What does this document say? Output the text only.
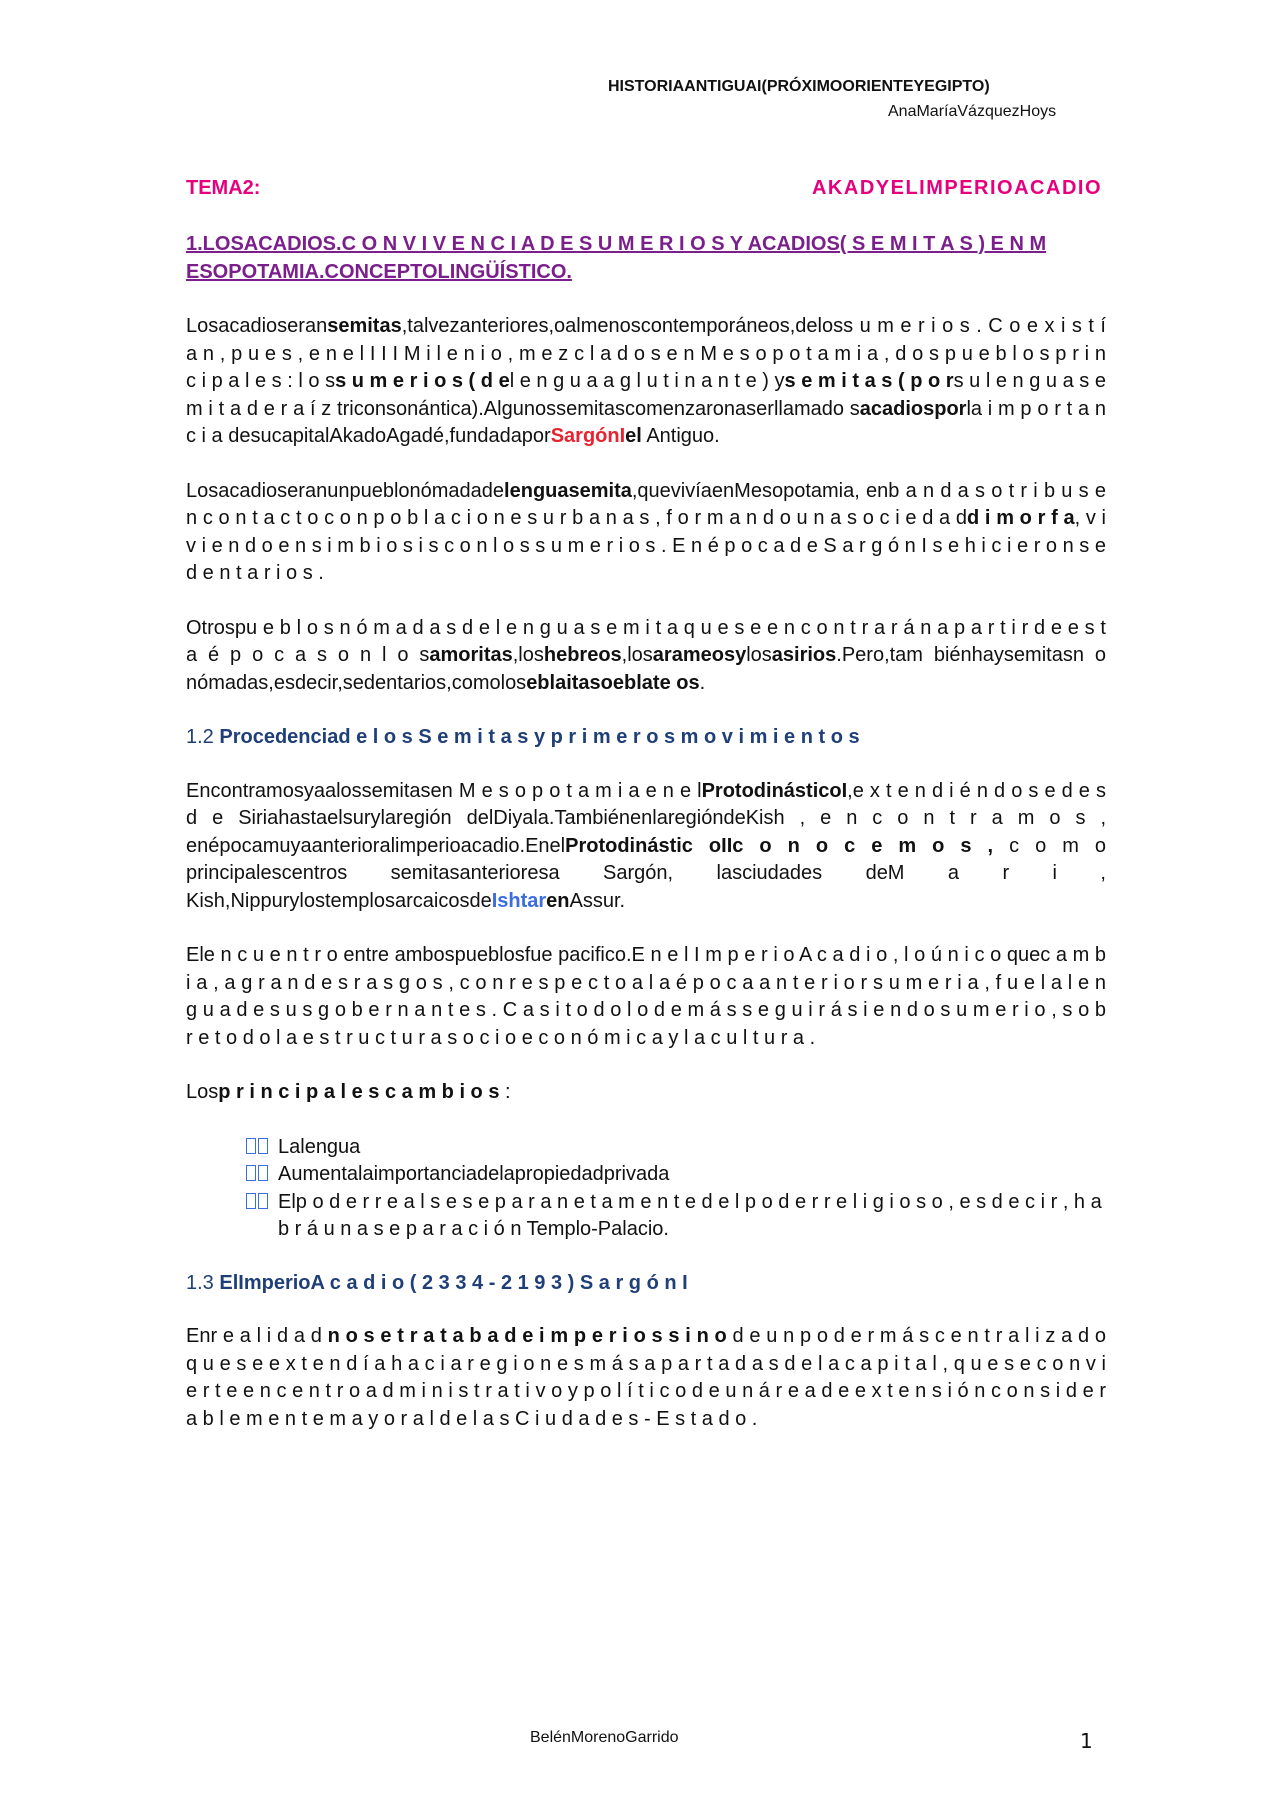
HISTORIAANTIGUAI(PRÓXIMOORIENTEYEGIPTO)
AnaMaríaVázquezHoys
TEMA2:	AKADYELIMPERIOACADIO

1.LOSACADIOS.C O N V I V E N C I A D E S U M E R I O S Y ACADIOS( S E M I T A S ) E N M ESOPOTAMIA.CONCEPTOLINGÜÍSTICO.

Losacadioseransemitas,talvezanteriores,oalmenoscontemporáneos,deloss u m e r i o s . C o e x i s t í a n , p u e s , e n e l I I I M i l e n i o , m e z c l a d o s e n M e s o p o t a m i a , d o s p u e b l o s p r i n c i p a l e s : l o ss u m e r i o s ( d el e n g u a a g l u t i n a n t e ) ys e m i t a s ( p o rs u l e n g u a s e m i t a d e r a í z triconsonántica).Algunossemitascomenzaronaserllamado sacadiosporla i m p o r t a n c i a desucapitalAkadoAgadé,fundadaporSargónIel Antiguo.

Losacadioseranunpueblonómadadelenguasemita,quevivíaenMesopotamia, enb a n d a s o t r i b u s e n c o n t a c t o c o n p o b l a c i o n e s u r b a n a s , f o r m a n d o u n a s o c i e d a dd i m o r f a, v i v i e n d o e n s i m b i o s i s c o n l o s s u m e r i o s . E n é p o c a d e S a r g ó n I s e h i c i e r o n s e d e n t a r i o s .

Otrospu e b l o s n ó m a d a s d e l e n g u a s e m i t a q u e s e e n c o n t r a r á n a p a r t i r d e e s t a é p o c a s o n l o samoritas,loshebreos,losarameosylosasirios.Pero,tam biénhaysemitasn o nómadas,esdecir,sedentarios,comoloseblaitasoeblate os.

1.2 Procedenciad e l o s S e m i t a s y p r i m e r o s m o v i m i e n t o s

Encontramosyaalossemitasen M e s o p o t a m i a e n e lProtodinásticoI,e x t e n d i é n d o s e d e s d e Siriahastaelsurylaregión delDiyala.TambiénenlaregióndeKish , e n c o n t r a m o s , enépocamuyaanterioralimperioacadio.EnelProtodinástic oIIc o n o c e m o s , c o m o principalescentros semitasanterioresa Sargón, lasciudades deM a r i , Kish,NippurylostemplosarcaicosdeIshtarenAssur.

Ele n c u e n t r o entre ambospueblosfue pacifico.E n e l I m p e r i o A c a d i o , l o ú n i c o quec a m b i a , a g r a n d e s r a s g o s , c o n r e s p e c t o a l a é p o c a a n t e r i o r s u m e r i a , f u e l a l e n g u a d e s u s g o b e r n a n t e s . C a s i t o d o l o d e m á s s e g u i r á s i e n d o s u m e r i o , s o b r e t o d o l a e s t r u c t u r a s o c i o e c o n ó m i c a y l a c u l t u r a .

Losp r i n c i p a l e s c a m b i o s :

Lalengua
Aumentalaimportanciadelapropiedadprivada
Elp o d e r r e a l s e s e p a r a n e t a m e n t e d e l p o d e r r e l i g i o s o , e s d e c i r , h a b r á u n a s e p a r a c i ó n Templo-Palacio.

1.3 ElImperioA c a d i o ( 2 3 3 4 - 2 1 9 3 ) S a r g ó n I

Enr e a l i d a d n o s e t r a t a b a d e i m p e r i o s s i n o d e u n p o d e r m á s c e n t r a l i z a d o q u e s e e x t e n d í a h a c i a r e g i o n e s m á s a p a r t a d a s d e l a c a p i t a l , q u e s e c o n v i e r t e e n c e n t r o a d m i n i s t r a t i v o y p o l í t i c o d e u n á r e a d e e x t e n s i ó n c o n s i d e r a b l e m e n t e m a y o r a l d e l a s C i u d a d e s - E s t a d o .

BelénMorenoGarrido	1
